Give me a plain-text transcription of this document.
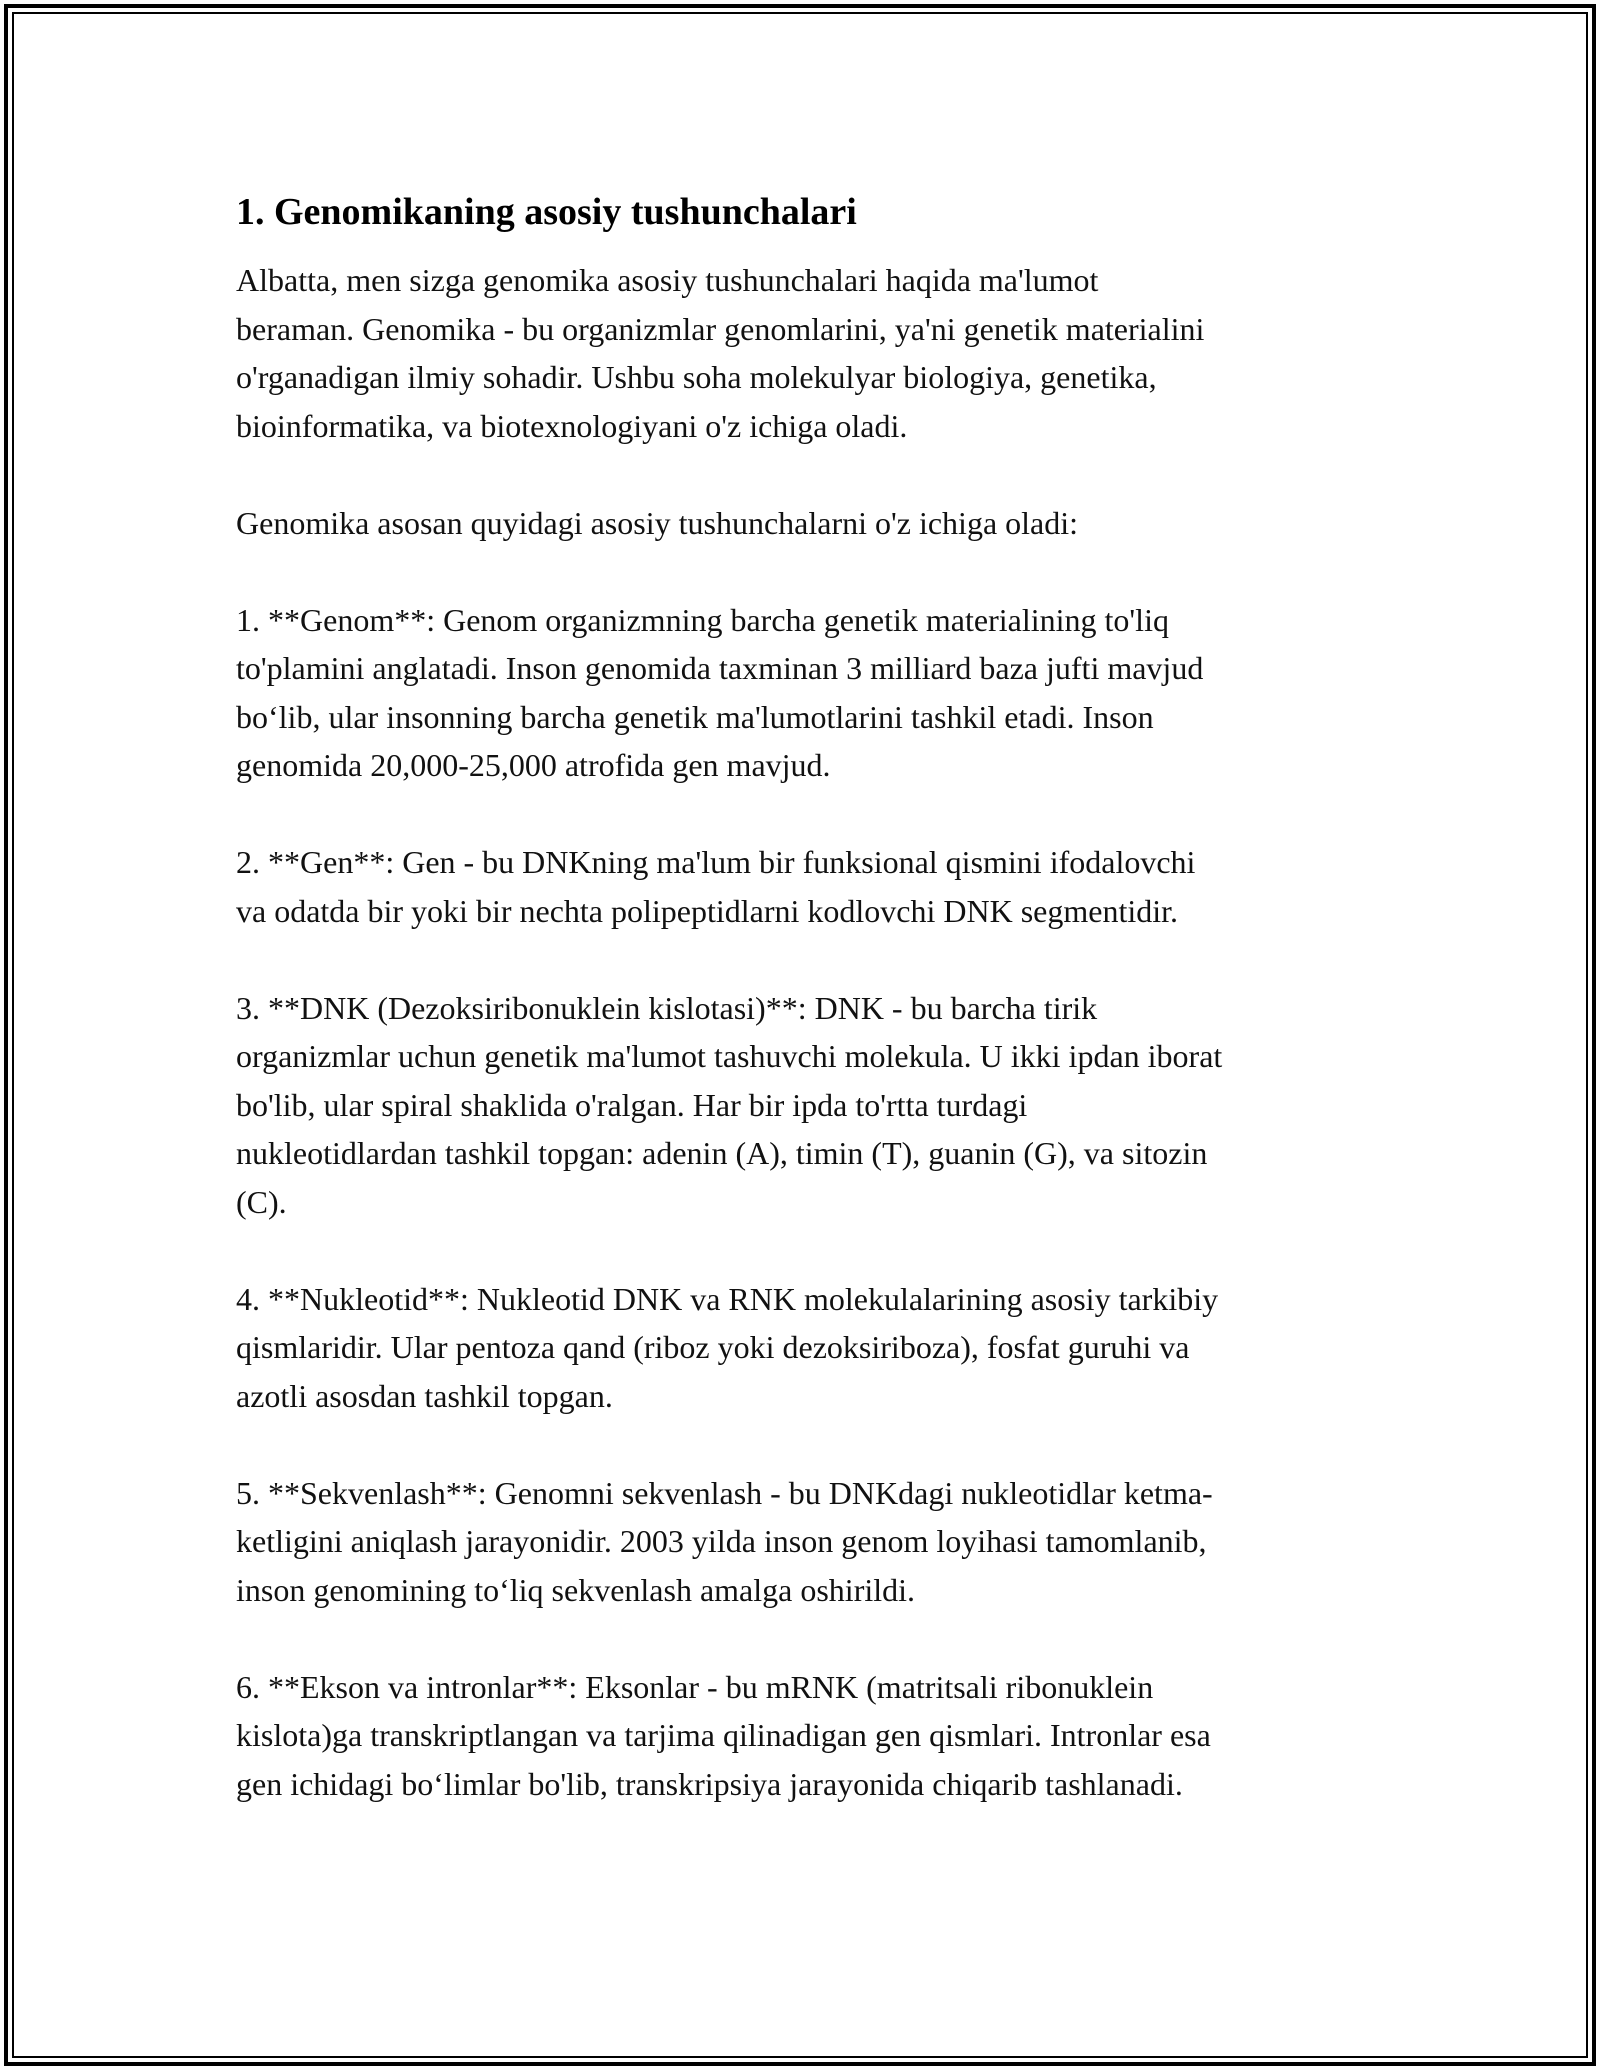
1. Genomikaning asosiy tushunchalari

Albatta, men sizga genomika asosiy tushunchalari haqida ma'lumot
beraman. Genomika - bu organizmlar genomlarini, ya'ni genetik materialini
o'rganadigan ilmiy sohadir. Ushbu soha molekulyar biologiya, genetika,
bioinformatika, va biotexnologiyani o'z ichiga oladi.

Genomika asosan quyidagi asosiy tushunchalarni o'z ichiga oladi:

1. **Genom**: Genom organizmning barcha genetik materialining to'liq
to'plamini anglatadi. Inson genomida taxminan 3 milliard baza jufti mavjud
bo‘lib, ular insonning barcha genetik ma'lumotlarini tashkil etadi. Inson
genomida 20,000-25,000 atrofida gen mavjud.

2. **Gen**: Gen - bu DNKning ma'lum bir funksional qismini ifodalovchi
va odatda bir yoki bir nechta polipeptidlarni kodlovchi DNK segmentidir.

3. **DNK (Dezoksiribonuklein kislotasi)**: DNK - bu barcha tirik
organizmlar uchun genetik ma'lumot tashuvchi molekula. U ikki ipdan iborat
bo'lib, ular spiral shaklida o'ralgan. Har bir ipda to'rtta turdagi
nukleotidlardan tashkil topgan: adenin (A), timin (T), guanin (G), va sitozin
(C).

4. **Nukleotid**: Nukleotid DNK va RNK molekulalarining asosiy tarkibiy
qismlaridir. Ular pentoza qand (riboz yoki dezoksiriboza), fosfat guruhi va
azotli asosdan tashkil topgan.

5. **Sekvenlash**: Genomni sekvenlash - bu DNKdagi nukleotidlar ketma-
ketligini aniqlash jarayonidir. 2003 yilda inson genom loyihasi tamomlanib,
inson genomining to‘liq sekvenlash amalga oshirildi.

6. **Ekson va intronlar**: Eksonlar - bu mRNK (matritsali ribonuklein
kislota)ga transkriptlangan va tarjima qilinadigan gen qismlari. Intronlar esa
gen ichidagi bo‘limlar bo'lib, transkripsiya jarayonida chiqarib tashlanadi.
